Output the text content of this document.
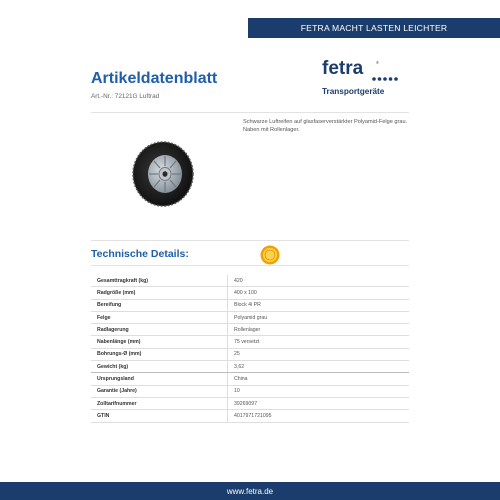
FETRA MACHT LASTEN LEICHTER
Artikeldatenblatt
Art.-Nr.: 72121G Luftrad
fetra	®
Transportgeräte
Schwarze Luftreifen auf glasfaserverstärkter Polyamid-Felge grau. Naben mit Rollenlager.
Technische Details:
Gesamttragkraft (kg)	420
Radgröße (mm)	400 x 100
Bereifung	Block 4i PR
Felge	Polyamid grau
Radlagerung	Rollenlager
Nabenlänge (mm)	75 versetzt
Bohrungs-Ø (mm)	25
Gewicht (kg)	3,62
Ursprungsland	China
Garantie (Jahre)	10
Zolltarifnummer	39269097
GTIN	4017971721095
www.fetra.de
